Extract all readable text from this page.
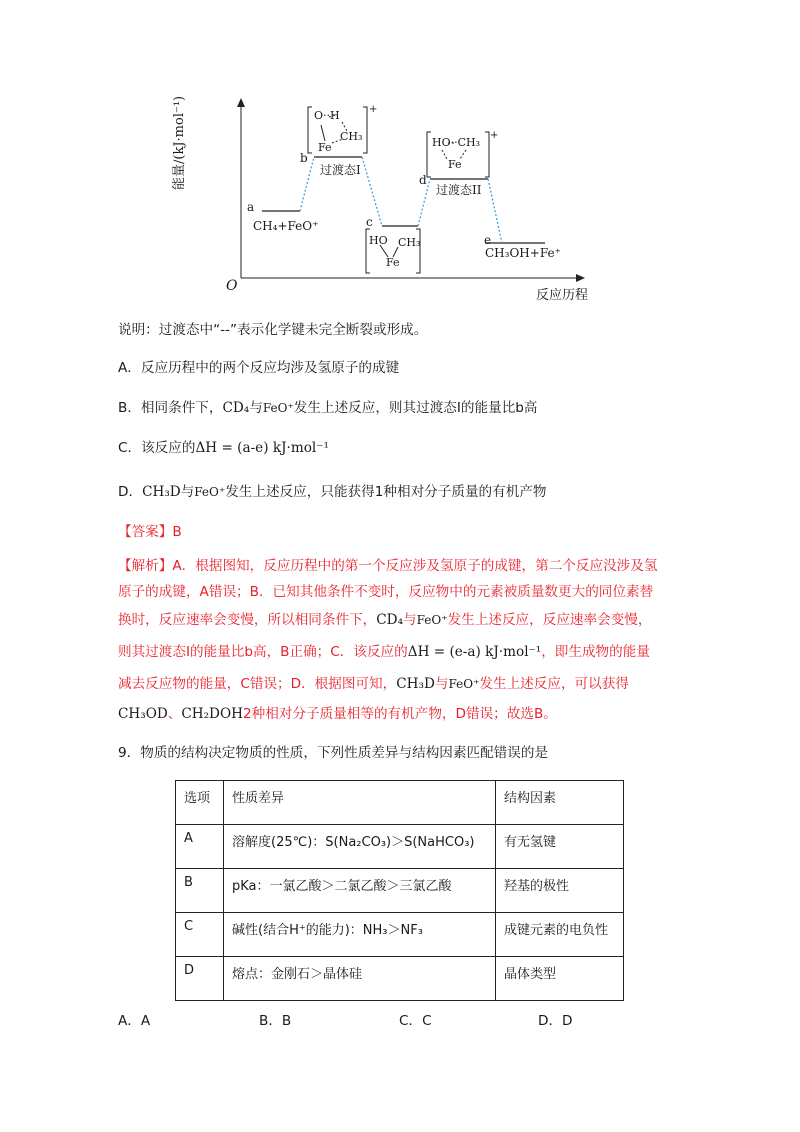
能量/(kJ·mol⁻¹)
O
反应历程
a
b
c
d
e
CH₄+FeO⁺
CH₃OH+Fe⁺
过渡态I
过渡态II
O··H
CH₃
Fe
+
HO··CH₃
Fe
+
HO CH₃
Fe
说明：过渡态中“--”表示化学键未完全断裂或形成。
A．反应历程中的两个反应均涉及氢原子的成键
B．相同条件下，CD₄与FeO⁺发生上述反应，则其过渡态Ⅰ的能量比b高
C．该反应的ΔH = (a-e) kJ·mol⁻¹
D．CH₃D与FeO⁺发生上述反应，只能获得1种相对分子质量的有机产物
【答案】B
【解析】A．根据图知，反应历程中的第一个反应涉及氢原子的成键，第二个反应没涉及氢
原子的成键，A错误；B．已知其他条件不变时，反应物中的元素被质量数更大的同位素替
换时，反应速率会变慢，所以相同条件下，CD₄与FeO⁺发生上述反应，反应速率会变慢，
则其过渡态Ⅰ的能量比b高，B正确；C．该反应的ΔH = (e-a) kJ·mol⁻¹，即生成物的能量
减去反应物的能量，C错误；D．根据图可知，CH₃D与FeO⁺发生上述反应，可以获得
CH₃OD、CH₂DOH2种相对分子质量相等的有机产物，D错误；故选B。
9．物质的结构决定物质的性质，下列性质差异与结构因素匹配错误的是
选项	性质差异	结构因素
A	溶解度(25℃)：S(Na₂CO₃)＞S(NaHCO₃)	有无氢键
B	pKa：一氯乙酸＞二氯乙酸＞三氯乙酸	羟基的极性
C	碱性(结合H⁺的能力)：NH₃＞NF₃	成键元素的电负性
D	熔点：金刚石＞晶体硅	晶体类型
A．A	B．B	C．C	D．D
